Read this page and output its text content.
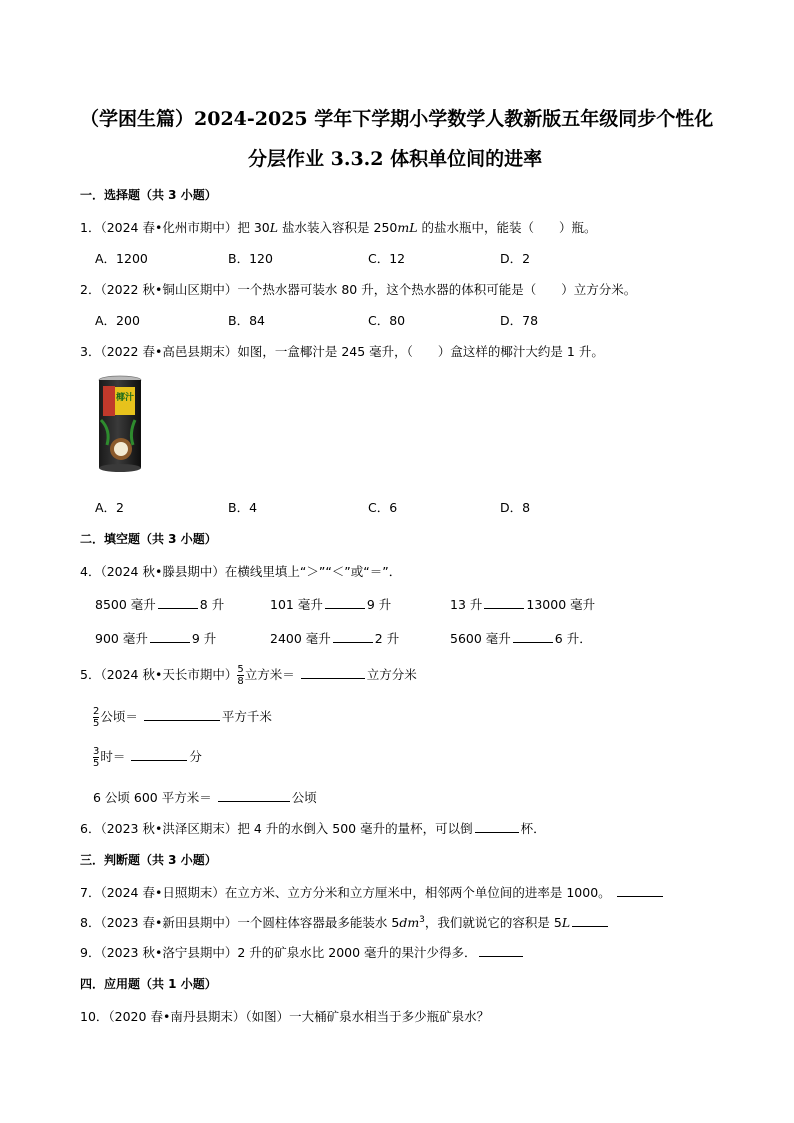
（学困生篇）2024-2025 学年下学期小学数学人教新版五年级同步个性化
分层作业 3.3.2 体积单位间的进率
一．选择题（共 3 小题）
1．（2024 春•化州市期中）把 30L 盐水装入容积是 250mL 的盐水瓶中，能装（　　）瓶。
A．1200	B．120	C．12	D．2
2．（2022 秋•铜山区期中）一个热水器可装水 80 升，这个热水器的体积可能是（　　）立方分米。
A．200	B．84	C．80	D．78
3．（2022 春•高邑县期末）如图，一盒椰汁是 245 毫升，（　　）盒这样的椰汁大约是 1 升。
椰汁
A．2	B．4	C．6	D．8
二．填空题（共 3 小题）
4．（2024 秋•滕县期中）在横线里填上“＞”“＜”或“＝”．
8500 毫升	8 升	101 毫升	9 升	13 升	13000 毫升
900 毫升	9 升	2400 毫升	2 升	5600 毫升	6 升．
5．（2024 秋•天长市期中） $\frac{5}{8}$ 立方米＝	立方分米
$\frac{2}{5}$ 公顷＝	平方千米
$\frac{3}{5}$ 时＝	分
6 公顷 600 平方米＝	公顷
6．（2023 秋•洪泽区期末）把 4 升的水倒入 500 毫升的量杯，可以倒	杯．
三．判断题（共 3 小题）
7．（2024 春•日照期末）在立方米、立方分米和立方厘米中，相邻两个单位间的进率是 1000。
8．（2023 春•新田县期中）一个圆柱体容器最多能装水 $5dm^3$，我们就说它的容积是 5L
9．（2023 秋•洛宁县期中）2 升的矿泉水比 2000 毫升的果汁少得多．
四．应用题（共 1 小题）
10．（2020 春•南丹县期末）（如图）一大桶矿泉水相当于多少瓶矿泉水？
